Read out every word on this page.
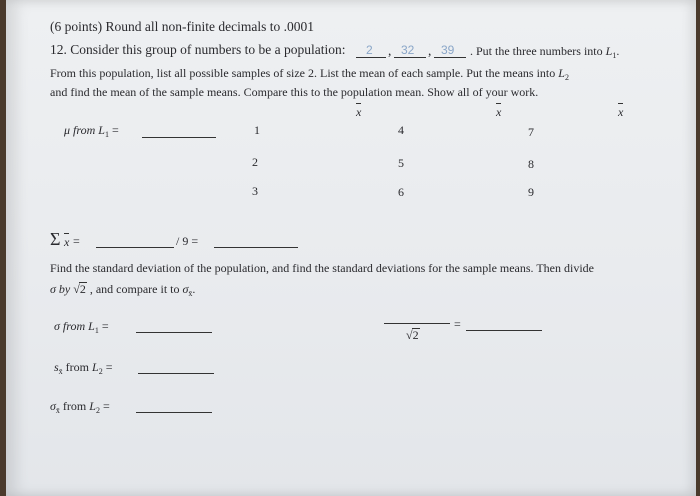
(6 points) Round all non-finite decimals to .0001
12. Consider this group of numbers to be a population: 2 , 32 , 39 . Put the three numbers into $L_1$.
From this population, list all possible samples of size 2. List the mean of each sample. Put the means into $L_2$
and find the mean of the sample means. Compare this to the population mean. Show all of your work.
x	x	x
μ from $L_1$ =	1	4	7
2	5	8
3	6	9
Σ x =	/ 9 =
Find the standard deviation of the population, and find the standard deviations for the sample means. Then divide
σ by √2 , and compare it to $\sigma_{x̄}$.
σ from $L_1$ =
√2
=
$s_{x̄}$ from $L_2$ =
$\sigma_{x̄}$ from $L_2$ =
